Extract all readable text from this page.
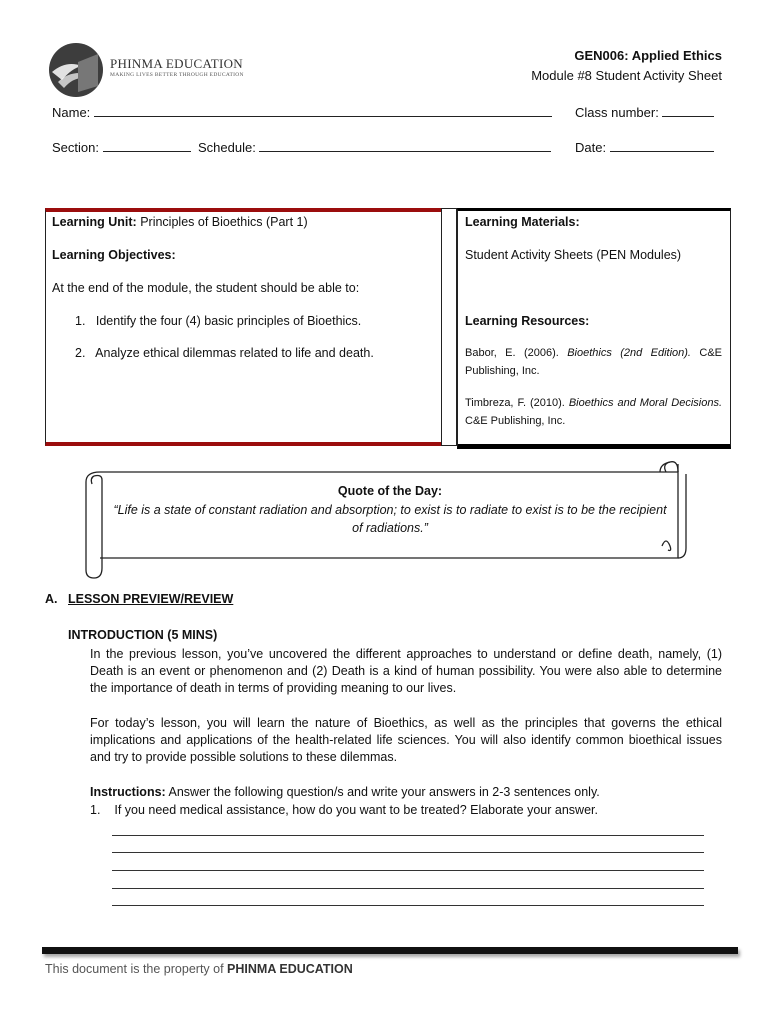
PHINMA EDUCATION
MAKING LIVES BETTER THROUGH EDUCATION
GEN006: Applied Ethics
Module #8 Student Activity Sheet
Name:	Class number:
Section:	Schedule:	Date:
Learning Unit: Principles of Bioethics (Part 1)
Learning Objectives:
At the end of the module, the student should be able to:
1. Identify the four (4) basic principles of Bioethics.
2. Analyze ethical dilemmas related to life and death.
Learning Materials:
Student Activity Sheets (PEN Modules)
Learning Resources:
Babor, E. (2006). Bioethics (2nd Edition). C&E Publishing, Inc.
Timbreza, F. (2010). Bioethics and Moral Decisions. C&E Publishing, Inc.
Quote of the Day:
“Life is a state of constant radiation and absorption; to exist is to radiate to exist is to be the recipient of radiations.”
A. LESSON PREVIEW/REVIEW
INTRODUCTION (5 MINS)
In the previous lesson, you’ve uncovered the different approaches to understand or define death, namely, (1) Death is an event or phenomenon and (2) Death is a kind of human possibility. You were also able to determine the importance of death in terms of providing meaning to our lives.
For today’s lesson, you will learn the nature of Bioethics, as well as the principles that governs the ethical implications and applications of the health-related life sciences. You will also identify common bioethical issues and try to provide possible solutions to these dilemmas.
Instructions: Answer the following question/s and write your answers in 2-3 sentences only.
1. If you need medical assistance, how do you want to be treated? Elaborate your answer.
This document is the property of PHINMA EDUCATION
